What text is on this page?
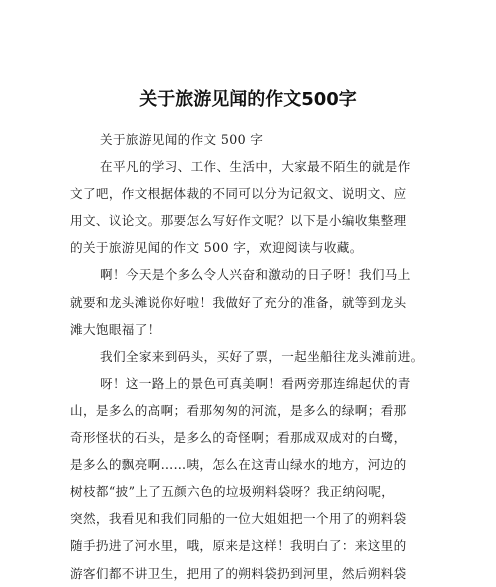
关于旅游见闻的作文500字
关于旅游见闻的作文 500 字
在平凡的学习、工作、生活中，大家最不陌生的就是作
文了吧，作文根据体裁的不同可以分为记叙文、说明文、应
用文、议论文。那要怎么写好作文呢？以下是小编收集整理
的关于旅游见闻的作文 500 字，欢迎阅读与收藏。
啊！今天是个多么令人兴奋和激动的日子呀！我们马上
就要和龙头滩说你好啦！我做好了充分的准备，就等到龙头
滩大饱眼福了！
我们全家来到码头，买好了票，一起坐船往龙头滩前进。
呀！这一路上的景色可真美啊！看两旁那连绵起伏的青
山，是多么的高啊；看那匆匆的河流，是多么的绿啊；看那
奇形怪状的石头，是多么的奇怪啊；看那成双成对的白鹭，
是多么的飘亮啊……咦，怎么在这青山绿水的地方，河边的
树枝都“披”上了五颜六色的垃圾朔料袋呀？我正纳闷呢，
突然，我看见和我们同船的一位大姐姐把一个用了的朔料袋
随手扔进了河水里，哦，原来是这样！我明白了：来这里的
游客们都不讲卫生，把用了的朔料袋扔到河里，然后朔料袋
